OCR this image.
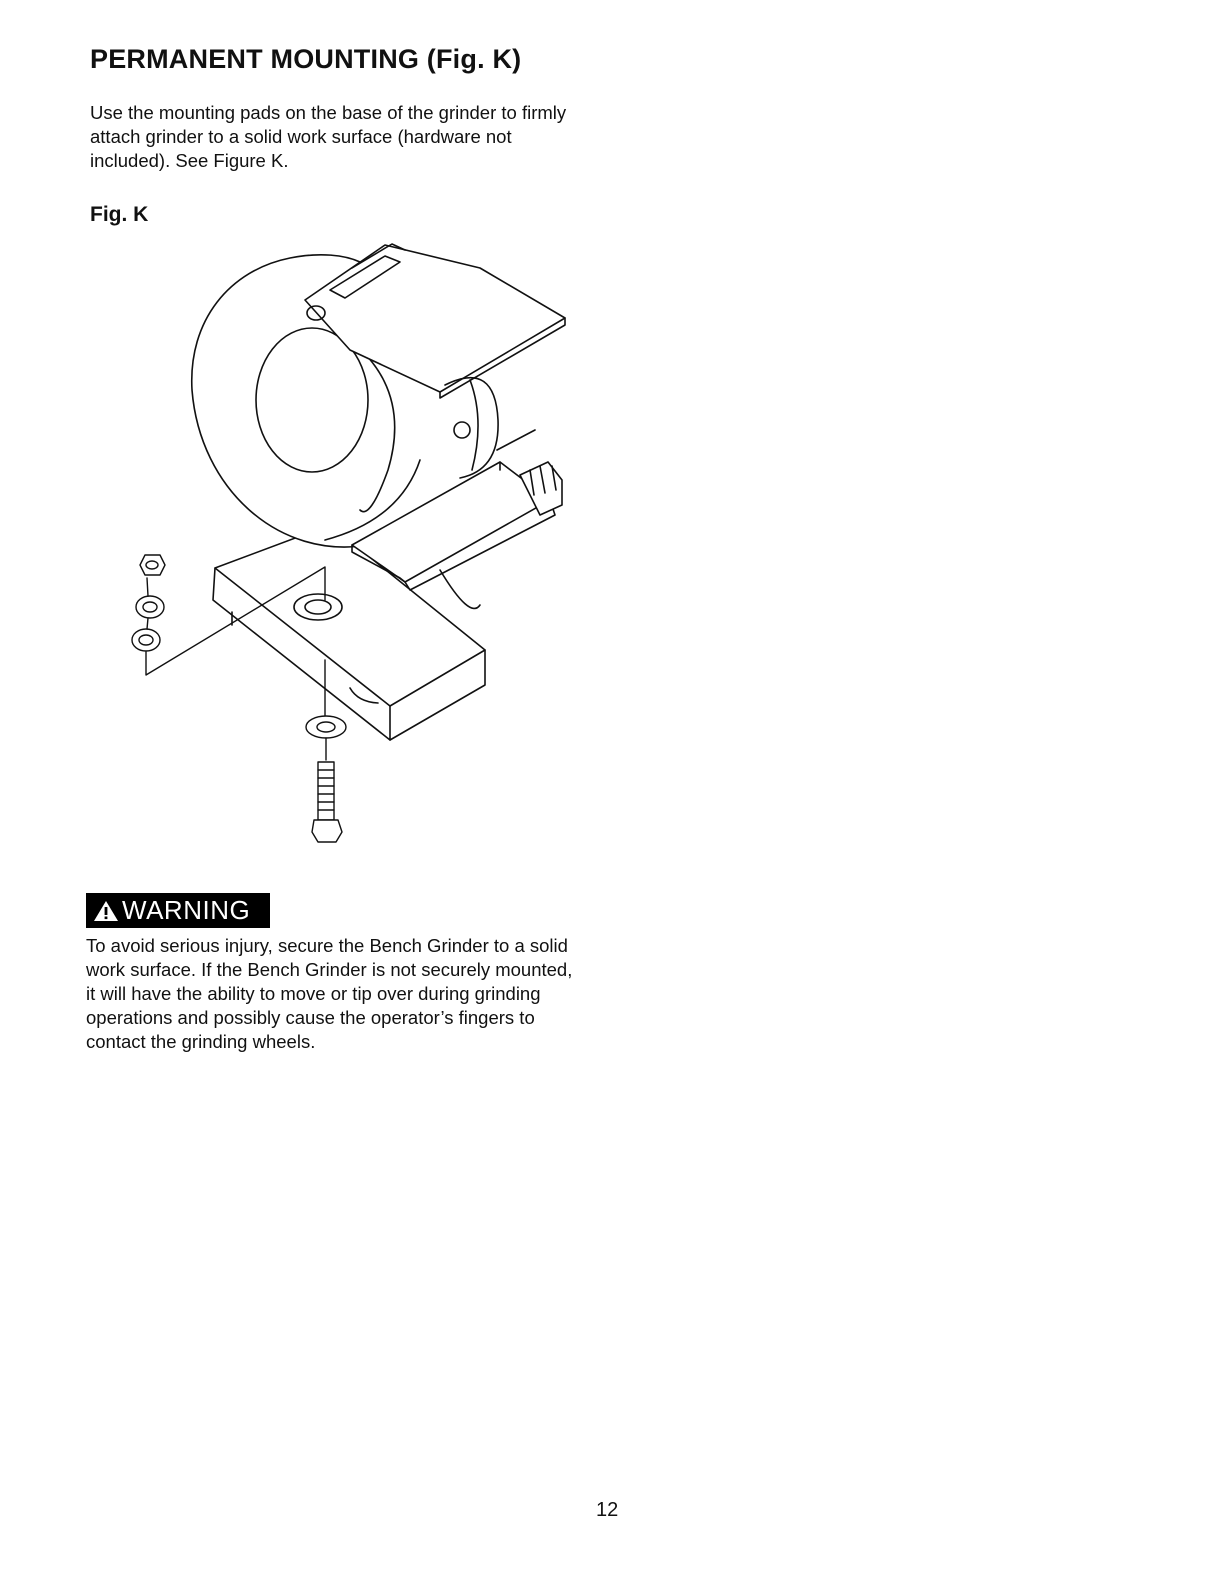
PERMANENT MOUNTING (Fig. K)

Use the mounting pads on the base of the grinder to firmly attach grinder to a solid work surface (hardware not included). See Figure K.

Fig. K
WARNING

To avoid serious injury, secure the Bench Grinder to a solid work surface. If the Bench Grinder is not securely mounted, it will have the ability to move or tip over during grinding operations and possibly cause the operator’s fingers to contact the grinding wheels.

12
